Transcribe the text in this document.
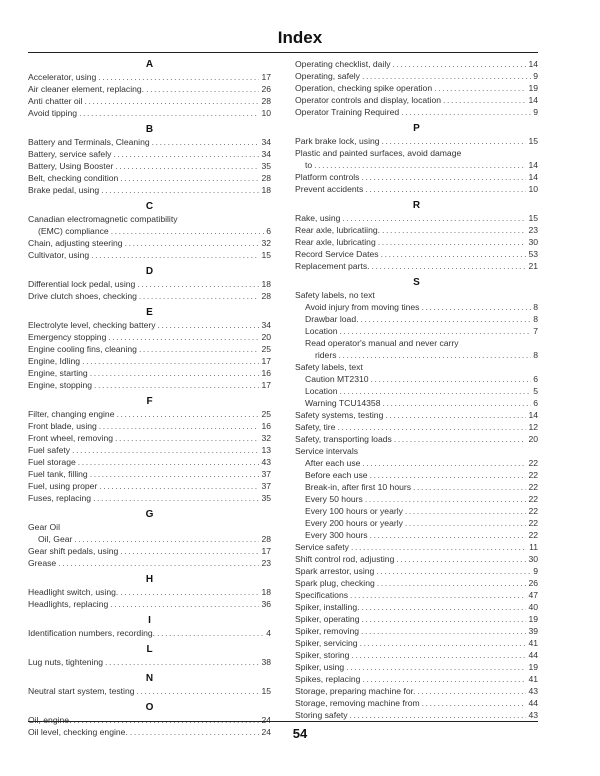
Index
A
Accelerator, using .....	17
Air cleaner element, replacing. .....	26
Anti chatter oil .....	28
Avoid tipping .....	10
B
Battery and Terminals, Cleaning .....	34
Battery, service safely .....	34
Battery, Using Booster .....	35
Belt, checking condition .....	28
Brake pedal, using .....	18
C
Canadian electromagnetic compatibility
(EMC) compliance .....	6
Chain, adjusting steering .....	32
Cultivator, using .....	15
D
Differential lock pedal, using .....	18
Drive clutch shoes, checking .....	28
E
Electrolyte level, checking battery .....	34
Emergency stopping .....	20
Engine cooling fins, cleaning .....	25
Engine, Idling .....	17
Engine, starting .....	16
Engine, stopping .....	17
F
Filter, changing engine .....	25
Front blade, using .....	16
Front wheel, removing .....	32
Fuel safety .....	13
Fuel storage .....	43
Fuel tank, filling .....	37
Fuel, using proper .....	37
Fuses, replacing .....	35
G
Gear Oil
Oil, Gear .....	28
Gear shift pedals, using .....	17
Grease .....	23
H
Headlight switch, using. .....	18
Headlights, replacing .....	36
I
Identification numbers, recording. .....	4
L
Lug nuts, tightening .....	38
N
Neutral start system, testing .....	15
O
Oil, engine. .....	24
Oil level, checking engine. .....	24
Operating checklist, daily .....	14
Operating, safely .....	9
Operation, checking spike operation .....	19
Operator controls and display, location .....	14
Operator Training Required .....	9
P
Park brake lock, using .....	15
Plastic and painted surfaces, avoid damage
to .....	14
Platform controls .....	14
Prevent accidents .....	10
R
Rake, using .....	15
Rear axle, lubricatiing. .....	23
Rear axle, lubricating .....	30
Record Service Dates .....	53
Replacement parts. .....	21
S
Safety labels, no text
Avoid injury from moving tines .....	8
Drawbar load. .....	8
Location .....	7
Read operator's manual and never carry
riders .....	8
Safety labels, text
Caution MT2310 .....	6
Location .....	5
Warning TCU14358 .....	6
Safety systems, testing .....	14
Safety, tire .....	12
Safety, transporting loads .....	20
Service intervals
After each use .....	22
Before each use .....	22
Break-in, after first 10 hours .....	22
Every 50 hours .....	22
Every 100 hours or yearly .....	22
Every 200 hours or yearly .....	22
Every 300 hours .....	22
Service safety .....	11
Shift control rod, adjusting .....	30
Spark arrestor, using .....	9
Spark plug, checking .....	26
Specifications .....	47
Spiker, installing. .....	40
Spiker, operating .....	19
Spiker, removing .....	39
Spiker, servicing .....	41
Spiker, storing .....	44
Spiker, using .....	19
Spikes, replacing .....	41
Storage, preparing machine for. .....	43
Storage, removing machine from .....	44
Storing safety .....	43
54
